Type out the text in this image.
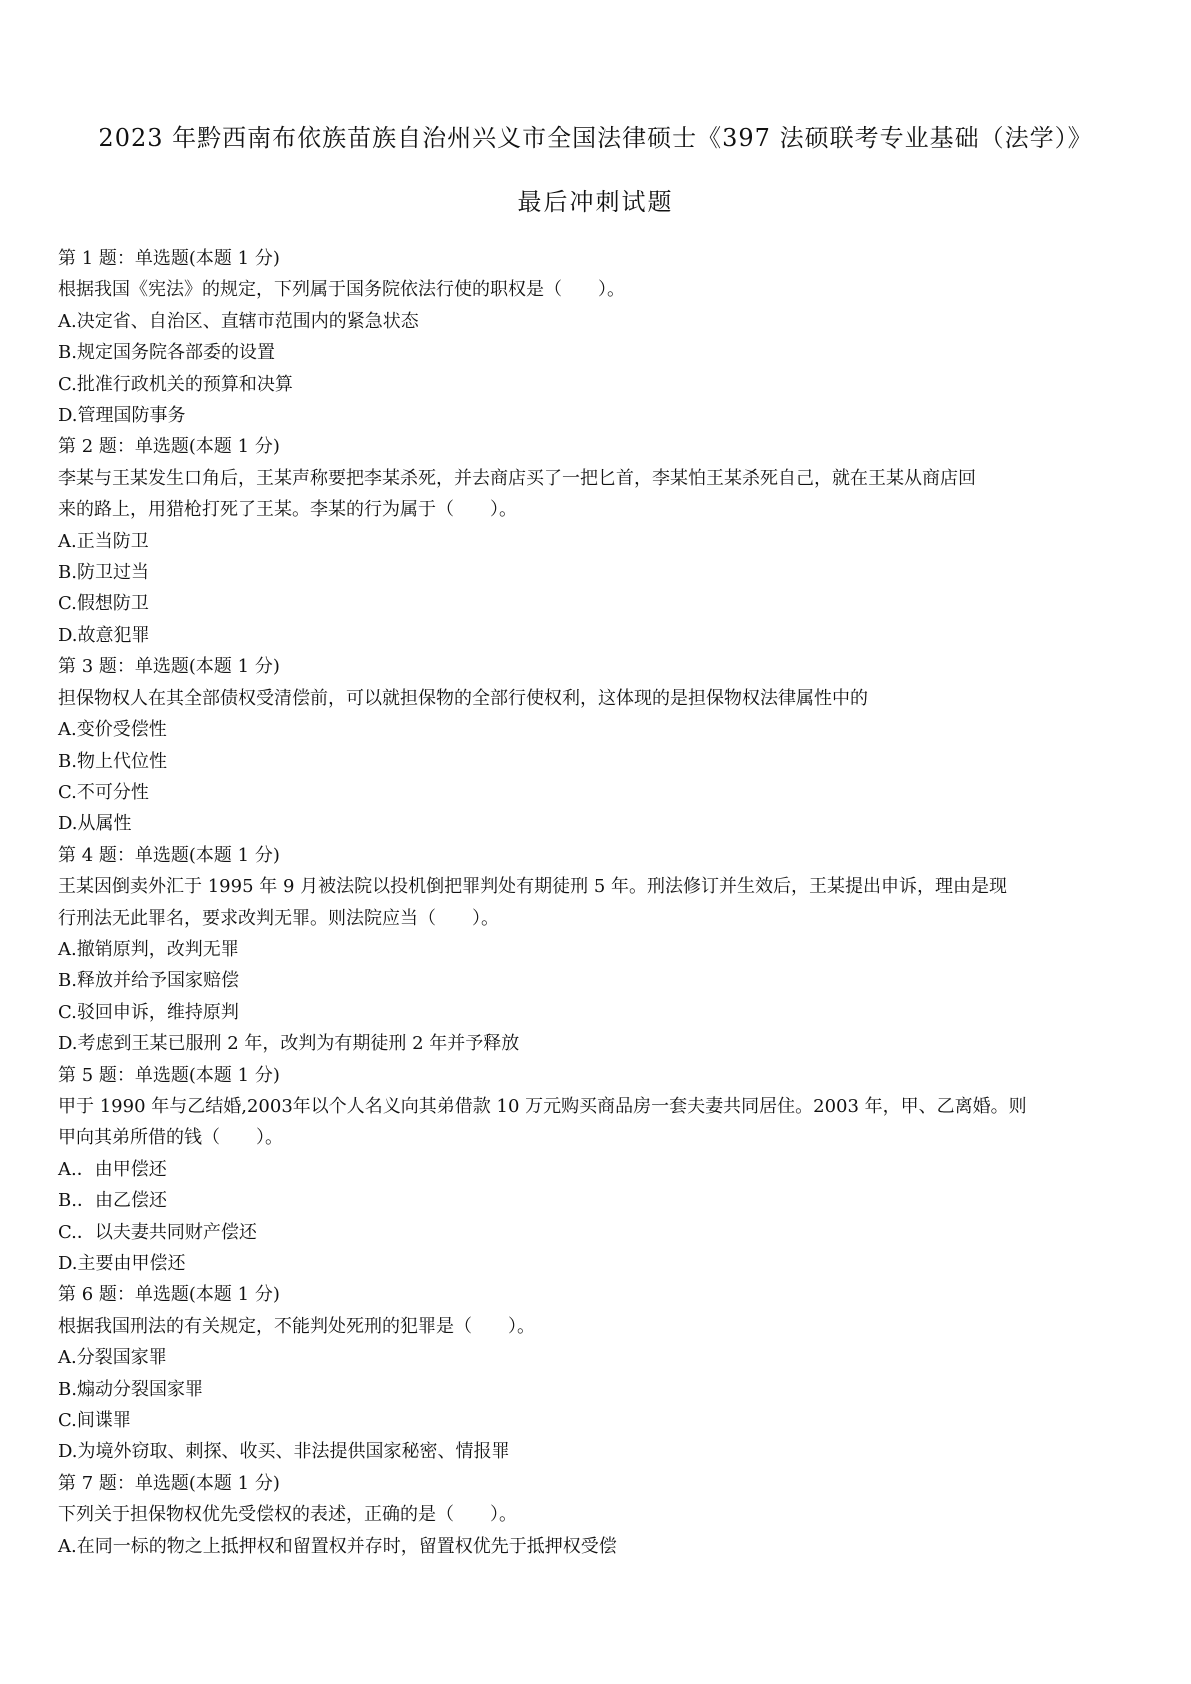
2023 年黔西南布依族苗族自治州兴义市全国法律硕士《397 法硕联考专业基础（法学）》
最后冲刺试题
第 1 题：单选题(本题 1 分)
根据我国《宪法》的规定，下列属于国务院依法行使的职权是（　　）。
A.决定省、自治区、直辖市范围内的紧急状态
B.规定国务院各部委的设置
C.批准行政机关的预算和决算
D.管理国防事务
第 2 题：单选题(本题 1 分)
李某与王某发生口角后，王某声称要把李某杀死，并去商店买了一把匕首，李某怕王某杀死自己，就在王某从商店回
来的路上，用猎枪打死了王某。李某的行为属于（　　）。
A.正当防卫
B.防卫过当
C.假想防卫
D.故意犯罪
第 3 题：单选题(本题 1 分)
担保物权人在其全部债权受清偿前，可以就担保物的全部行使权利，这体现的是担保物权法律属性中的
A.变价受偿性
B.物上代位性
C.不可分性
D.从属性
第 4 题：单选题(本题 1 分)
王某因倒卖外汇于 1995 年 9 月被法院以投机倒把罪判处有期徒刑 5 年。刑法修订并生效后，王某提出申诉，理由是现
行刑法无此罪名，要求改判无罪。则法院应当（　　）。
A.撤销原判，改判无罪
B.释放并给予国家赔偿
C.驳回申诉，维持原判
D.考虑到王某已服刑 2 年，改判为有期徒刑 2 年并予释放
第 5 题：单选题(本题 1 分)
甲于 1990 年与乙结婚,2003年以个人名义向其弟借款 10 万元购买商品房一套夫妻共同居住。2003 年，甲、乙离婚。则
甲向其弟所借的钱（　　）。
A.．由甲偿还
B.．由乙偿还
C.．以夫妻共同财产偿还
D.主要由甲偿还
第 6 题：单选题(本题 1 分)
根据我国刑法的有关规定，不能判处死刑的犯罪是（　　）。
A.分裂国家罪
B.煽动分裂国家罪
C.间谍罪
D.为境外窃取、刺探、收买、非法提供国家秘密、情报罪
第 7 题：单选题(本题 1 分)
下列关于担保物权优先受偿权的表述，正确的是（　　）。
A.在同一标的物之上抵押权和留置权并存时，留置权优先于抵押权受偿
